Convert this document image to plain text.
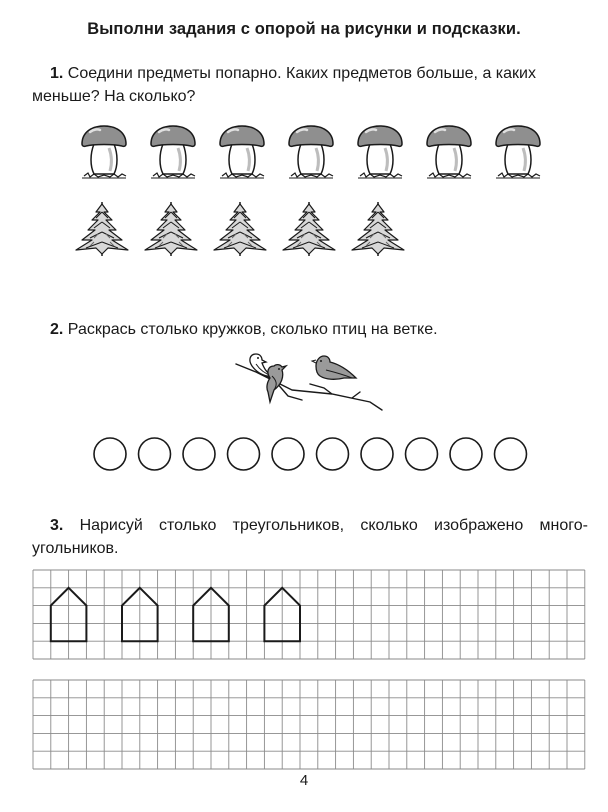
Выполни задания с опорой на рисунки и подсказки.
1. Соедини предметы попарно. Каких предметов больше, а каких меньше? На сколько?
2. Раскрась столько кружков, сколько птиц на ветке.
3. Нарисуй столько треугольников, сколько изображено много-угольников.
4
